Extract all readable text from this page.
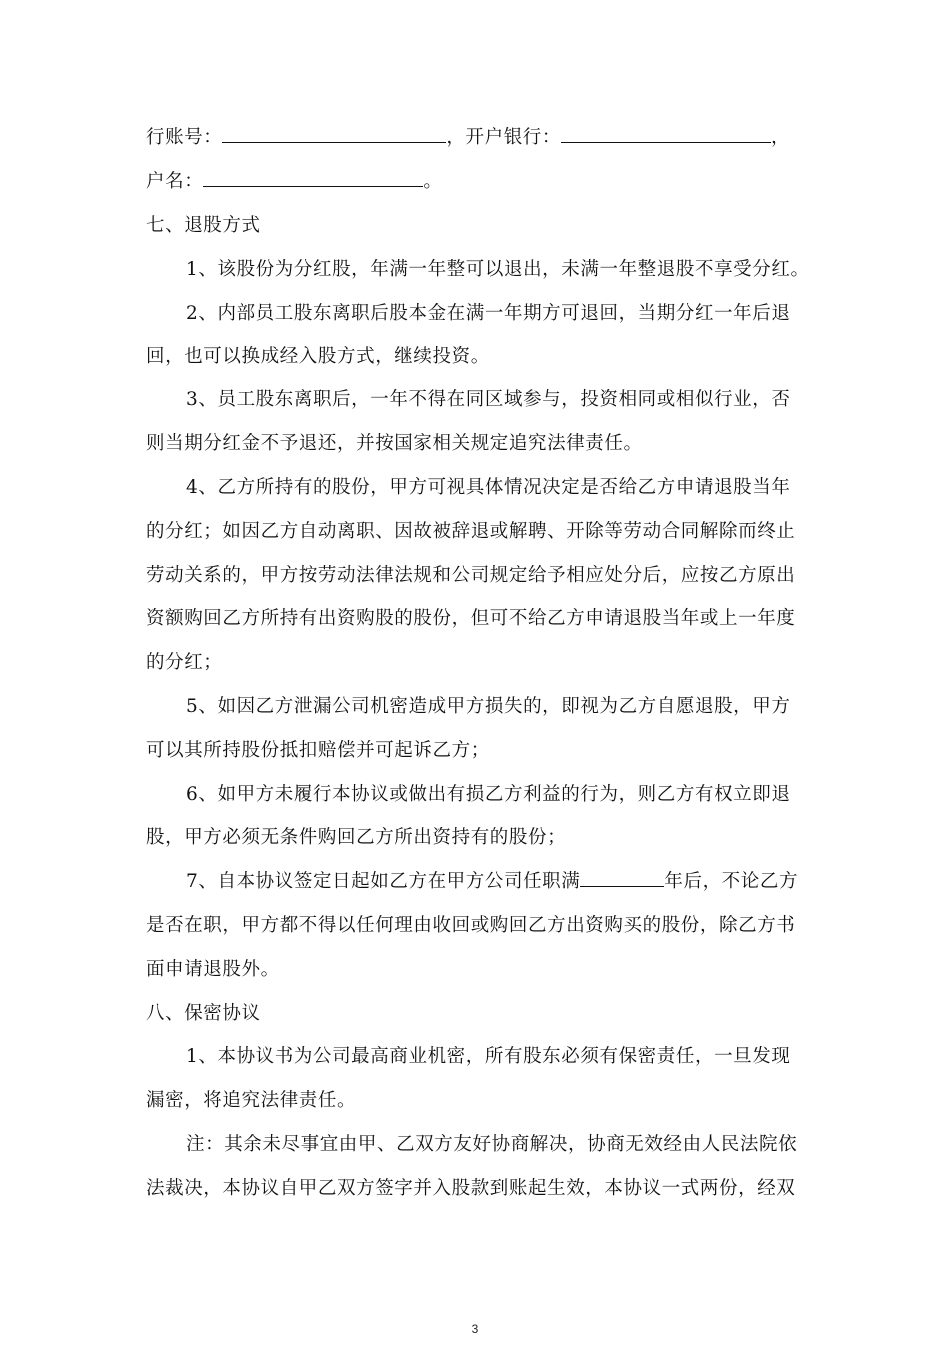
行账号：	，开户银行：	，
户名：	。
七、退股方式
1、该股份为分红股，年满一年整可以退出，未满一年整退股不享受分红。
2、内部员工股东离职后股本金在满一年期方可退回，当期分红一年后退
回，也可以换成经入股方式，继续投资。
3、员工股东离职后，一年不得在同区域参与，投资相同或相似行业，否
则当期分红金不予退还，并按国家相关规定追究法律责任。
4、乙方所持有的股份，甲方可视具体情况决定是否给乙方申请退股当年
的分红；如因乙方自动离职、因故被辞退或解聘、开除等劳动合同解除而终止
劳动关系的，甲方按劳动法律法规和公司规定给予相应处分后，应按乙方原出
资额购回乙方所持有出资购股的股份，但可不给乙方申请退股当年或上一年度
的分红；
5、如因乙方泄漏公司机密造成甲方损失的，即视为乙方自愿退股，甲方
可以其所持股份抵扣赔偿并可起诉乙方；
6、如甲方未履行本协议或做出有损乙方利益的行为，则乙方有权立即退
股，甲方必须无条件购回乙方所出资持有的股份；
7、自本协议签定日起如乙方在甲方公司任职满	年后，不论乙方
是否在职，甲方都不得以任何理由收回或购回乙方出资购买的股份，除乙方书
面申请退股外。
八、保密协议
1、本协议书为公司最高商业机密，所有股东必须有保密责任，一旦发现
漏密，将追究法律责任。
注：其余未尽事宜由甲、乙双方友好协商解决，协商无效经由人民法院依
法裁决，本协议自甲乙双方签字并入股款到账起生效，本协议一式两份，经双
3
